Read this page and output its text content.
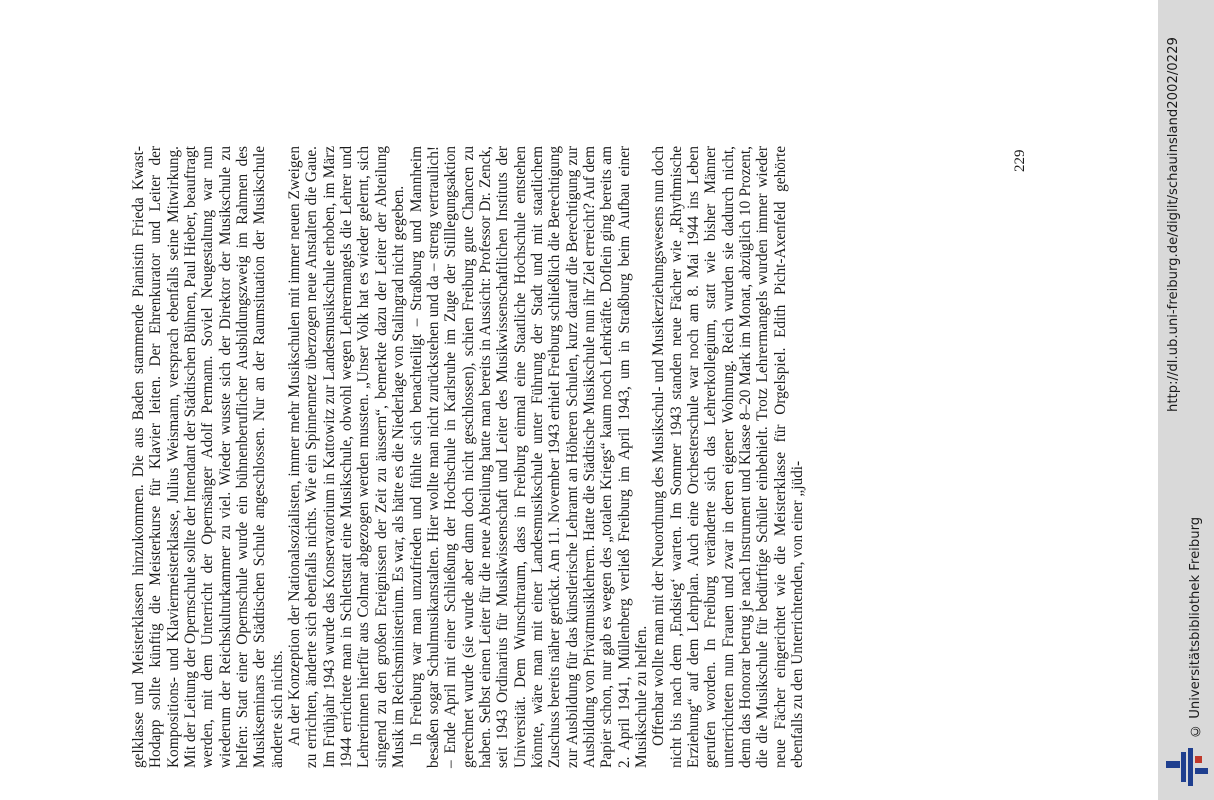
gelklasse und Meisterklassen hinzukommen. Die aus Baden stammende Pianistin Frieda Kwast-Hodapp sollte künftig die Meisterkurse für Klavier leiten. Der Ehrenkurator und Leiter der Kompositions- und Klaviermeisterklasse, Julius Weismann, versprach ebenfalls seine Mitwirkung. Mit der Leitung der Opernschule sollte der Intendant der Städtischen Bühnen, Paul Hieber, beauftragt werden, mit dem Unterricht der Opernsänger Adolf Permann. Soviel Neugestaltung war nun wiederum der Reichskulturkammer zu viel. Wieder wusste sich der Direktor der Musikschule zu helfen: Statt einer Opernschule wurde ein bühnenberuflicher Ausbildungszweig im Rahmen des Musikseminars der Städtischen Schule angeschlossen. Nur an der Raumsituation der Musikschule änderte sich nichts. An der Konzeption der Nationalsozialisten, immer mehr Musikschulen mit immer neuen Zweigen zu errichten, änderte sich ebenfalls nichts. Wie ein Spinnennetz überzogen neue Anstalten die Gaue. Im Frühjahr 1943 wurde das Konservatorium in Kattowitz zur Landesmusikschule erhoben, im März 1944 errichtete man in Schlettstatt eine Musikschule, obwohl wegen Lehrermangels die Lehrer und Lehrerinnen hierfür aus Colmar abgezogen werden mussten. „Unser Volk hat es wieder gelernt, sich singend zu den großen Ereignissen der Zeit zu äussern“, bemerkte dazu der Leiter der Abteilung Musik im Reichsministerium. Es war, als hätte es die Niederlage von Stalingrad nicht gegeben. In Freiburg war man unzufrieden und fühlte sich benachteiligt – Straßburg und Mannheim besaßen sogar Schulmusikanstalten. Hier wollte man nicht zurückstehen und da – streng vertraulich! – Ende April mit einer Schließung der Hochschule in Karlsruhe im Zuge der Stilllegungsaktion gerechnet wurde (sie wurde aber dann doch nicht geschlossen), schien Freiburg gute Chancen zu haben. Selbst einen Leiter für die neue Abteilung hatte man bereits in Aussicht: Professor Dr. Zenck, seit 1943 Ordinarius für Musikwissenschaft und Leiter des Musikwissenschaftlichen Instituts der Universität. Dem Wunschtraum, dass in Freiburg einmal eine Staatliche Hochschule entstehen könnte, wäre man mit einer Landesmusikschule unter Führung der Stadt und mit staatlichem Zuschuss bereits näher gerückt. Am 11. November 1943 erhielt Freiburg schließlich die Berechtigung zur Ausbildung für das künstlerische Lehramt an Höheren Schulen, kurz darauf die Berechtigung zur Ausbildung von Privatmusiklehrern. Hatte die Städtische Musikschule nun ihr Ziel erreicht? Auf dem Papier schon, nur gab es wegen des „totalen Kriegs“ kaum noch Lehrkräfte. Doflein ging bereits am 2. April 1941, Müllenberg verließ Freiburg im April 1943, um in Straßburg beim Aufbau einer Musikschule zu helfen. Offenbar wollte man mit der Neuordnung des Musikschul- und Musikerziehungswesens nun doch nicht bis nach dem ‚Endsieg‘ warten. Im Sommer 1943 standen neue Fächer wie „Rhythmische Erziehung“ auf dem Lehrplan. Auch eine Orchesterschule war noch am 8. Mai 1944 ins Leben gerufen worden. In Freiburg veränderte sich das Lehrerkollegium, statt wie bisher Männer unterrichteten nun Frauen und zwar in deren eigener Wohnung. Reich wurden sie dadurch nicht, denn das Honorar betrug je nach Instrument und Klasse 8–20 Mark im Monat, abzüglich 10 Prozent, die die Musikschule für bedürftige Schüler einbehielt. Trotz Lehrermangels wurden immer wieder neue Fächer eingerichtet wie die Meisterklasse für Orgelspiel. Edith Picht-Axenfeld gehörte ebenfalls zu den Unterrichtenden, von einer „jüdi-

229	http://dl.ub.uni-freiburg.de/diglit/schauinsland2002/0229
© Universitätsbibliothek Freiburg
